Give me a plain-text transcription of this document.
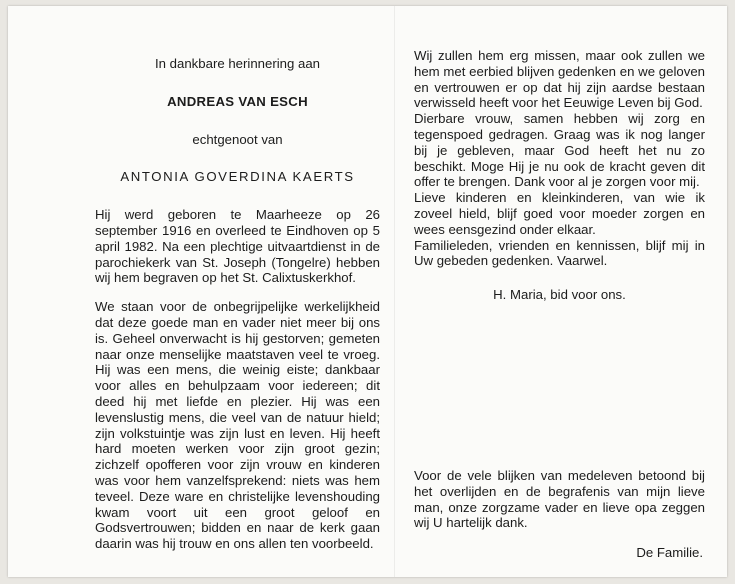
In dankbare herinnering aan

ANDREAS VAN ESCH

echtgenoot van

ANTONIA GOVERDINA KAERTS

Hij werd geboren te Maarheeze op 26 september 1916 en overleed te Eindhoven op 5 april 1982. Na een plechtige uitvaartdienst in de parochiekerk van St. Joseph (Tongelre) hebben wij hem begraven op het St. Calixtuskerkhof.

We staan voor de onbegrijpelijke werkelijkheid dat deze goede man en vader niet meer bij ons is. Geheel onverwacht is hij gestorven; gemeten naar onze menselijke maatstaven veel te vroeg. Hij was een mens, die weinig eiste; dankbaar voor alles en behulpzaam voor iedereen; dit deed hij met liefde en plezier. Hij was een levenslustig mens, die veel van de natuur hield; zijn volkstuintje was zijn lust en leven. Hij heeft hard moeten werken voor zijn groot gezin; zichzelf opofferen voor zijn vrouw en kinderen was voor hem vanzelfsprekend: niets was hem teveel. Deze ware en christelijke levenshouding kwam voort uit een groot geloof en Godsvertrouwen; bidden en naar de kerk gaan daarin was hij trouw en ons allen ten voorbeeld.

Wij zullen hem erg missen, maar ook zullen we hem met eerbied blijven gedenken en we geloven en vertrouwen er op dat hij zijn aardse bestaan verwisseld heeft voor het Eeuwige Leven bij God.

Dierbare vrouw, samen hebben wij zorg en tegenspoed gedragen. Graag was ik nog langer bij je gebleven, maar God heeft het nu zo beschikt. Moge Hij je nu ook de kracht geven dit offer te brengen. Dank voor al je zorgen voor mij.

Lieve kinderen en kleinkinderen, van wie ik zoveel hield, blijf goed voor moeder zorgen en wees eensgezind onder elkaar.

Familieleden, vrienden en kennissen, blijf mij in Uw gebeden gedenken. Vaarwel.

H. Maria, bid voor ons.

Voor de vele blijken van medeleven betoond bij het overlijden en de begrafenis van mijn lieve man, onze zorgzame vader en lieve opa zeggen wij U hartelijk dank.

De Familie.
